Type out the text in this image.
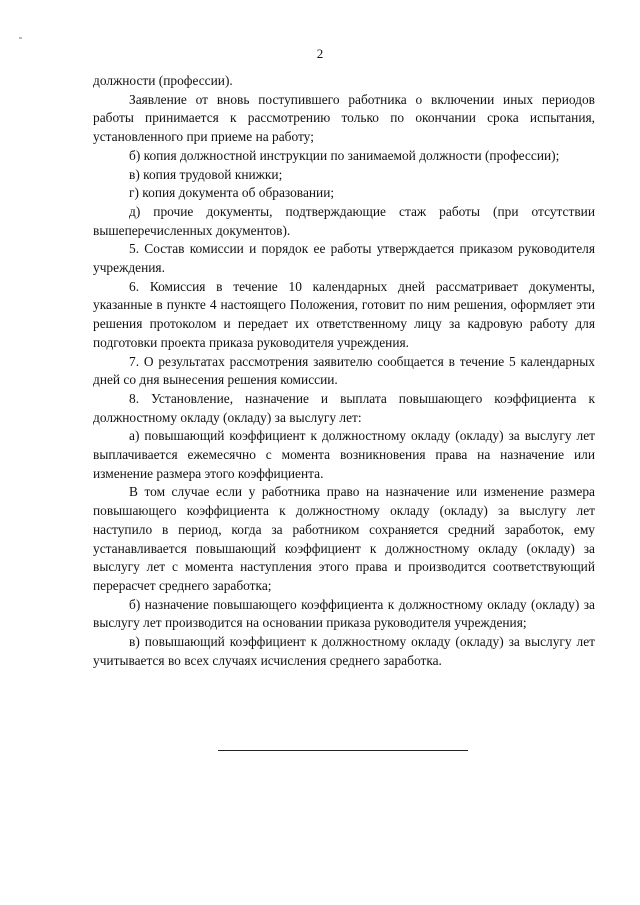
2

должности (профессии).

Заявление от вновь поступившего работника о включении иных периодов работы принимается к рассмотрению только по окончании срока испытания, установленного при приеме на работу;

б) копия должностной инструкции по занимаемой должности (профессии);

в) копия трудовой книжки;

г) копия документа об образовании;

д) прочие документы, подтверждающие стаж работы (при отсутствии вышеперечисленных документов).

5. Состав комиссии и порядок ее работы утверждается приказом руководителя учреждения.

6. Комиссия в течение 10 календарных дней рассматривает документы, указанные в пункте 4 настоящего Положения, готовит по ним решения, оформляет эти решения протоколом и передает их ответственному лицу за кадровую работу для подготовки проекта приказа руководителя учреждения.

7. О результатах рассмотрения заявителю сообщается в течение 5 календарных дней со дня вынесения решения комиссии.

8. Установление, назначение и выплата повышающего коэффициента к должностному окладу (окладу) за выслугу лет:

а) повышающий коэффициент к должностному окладу (окладу) за выслугу лет выплачивается ежемесячно с момента возникновения права на назначение или изменение размера этого коэффициента.

В том случае если у работника право на назначение или изменение размера повышающего коэффициента к должностному окладу (окладу) за выслугу лет наступило в период, когда за работником сохраняется средний заработок, ему устанавливается повышающий коэффициент к должностному окладу (окладу) за выслугу лет с момента наступления этого права и производится соответствующий перерасчет среднего заработка;

б) назначение повышающего коэффициента к должностному окладу (окладу) за выслугу лет производится на основании приказа руководителя учреждения;

в) повышающий коэффициент к должностному окладу (окладу) за выслугу лет учитывается во всех случаях исчисления среднего заработка.
